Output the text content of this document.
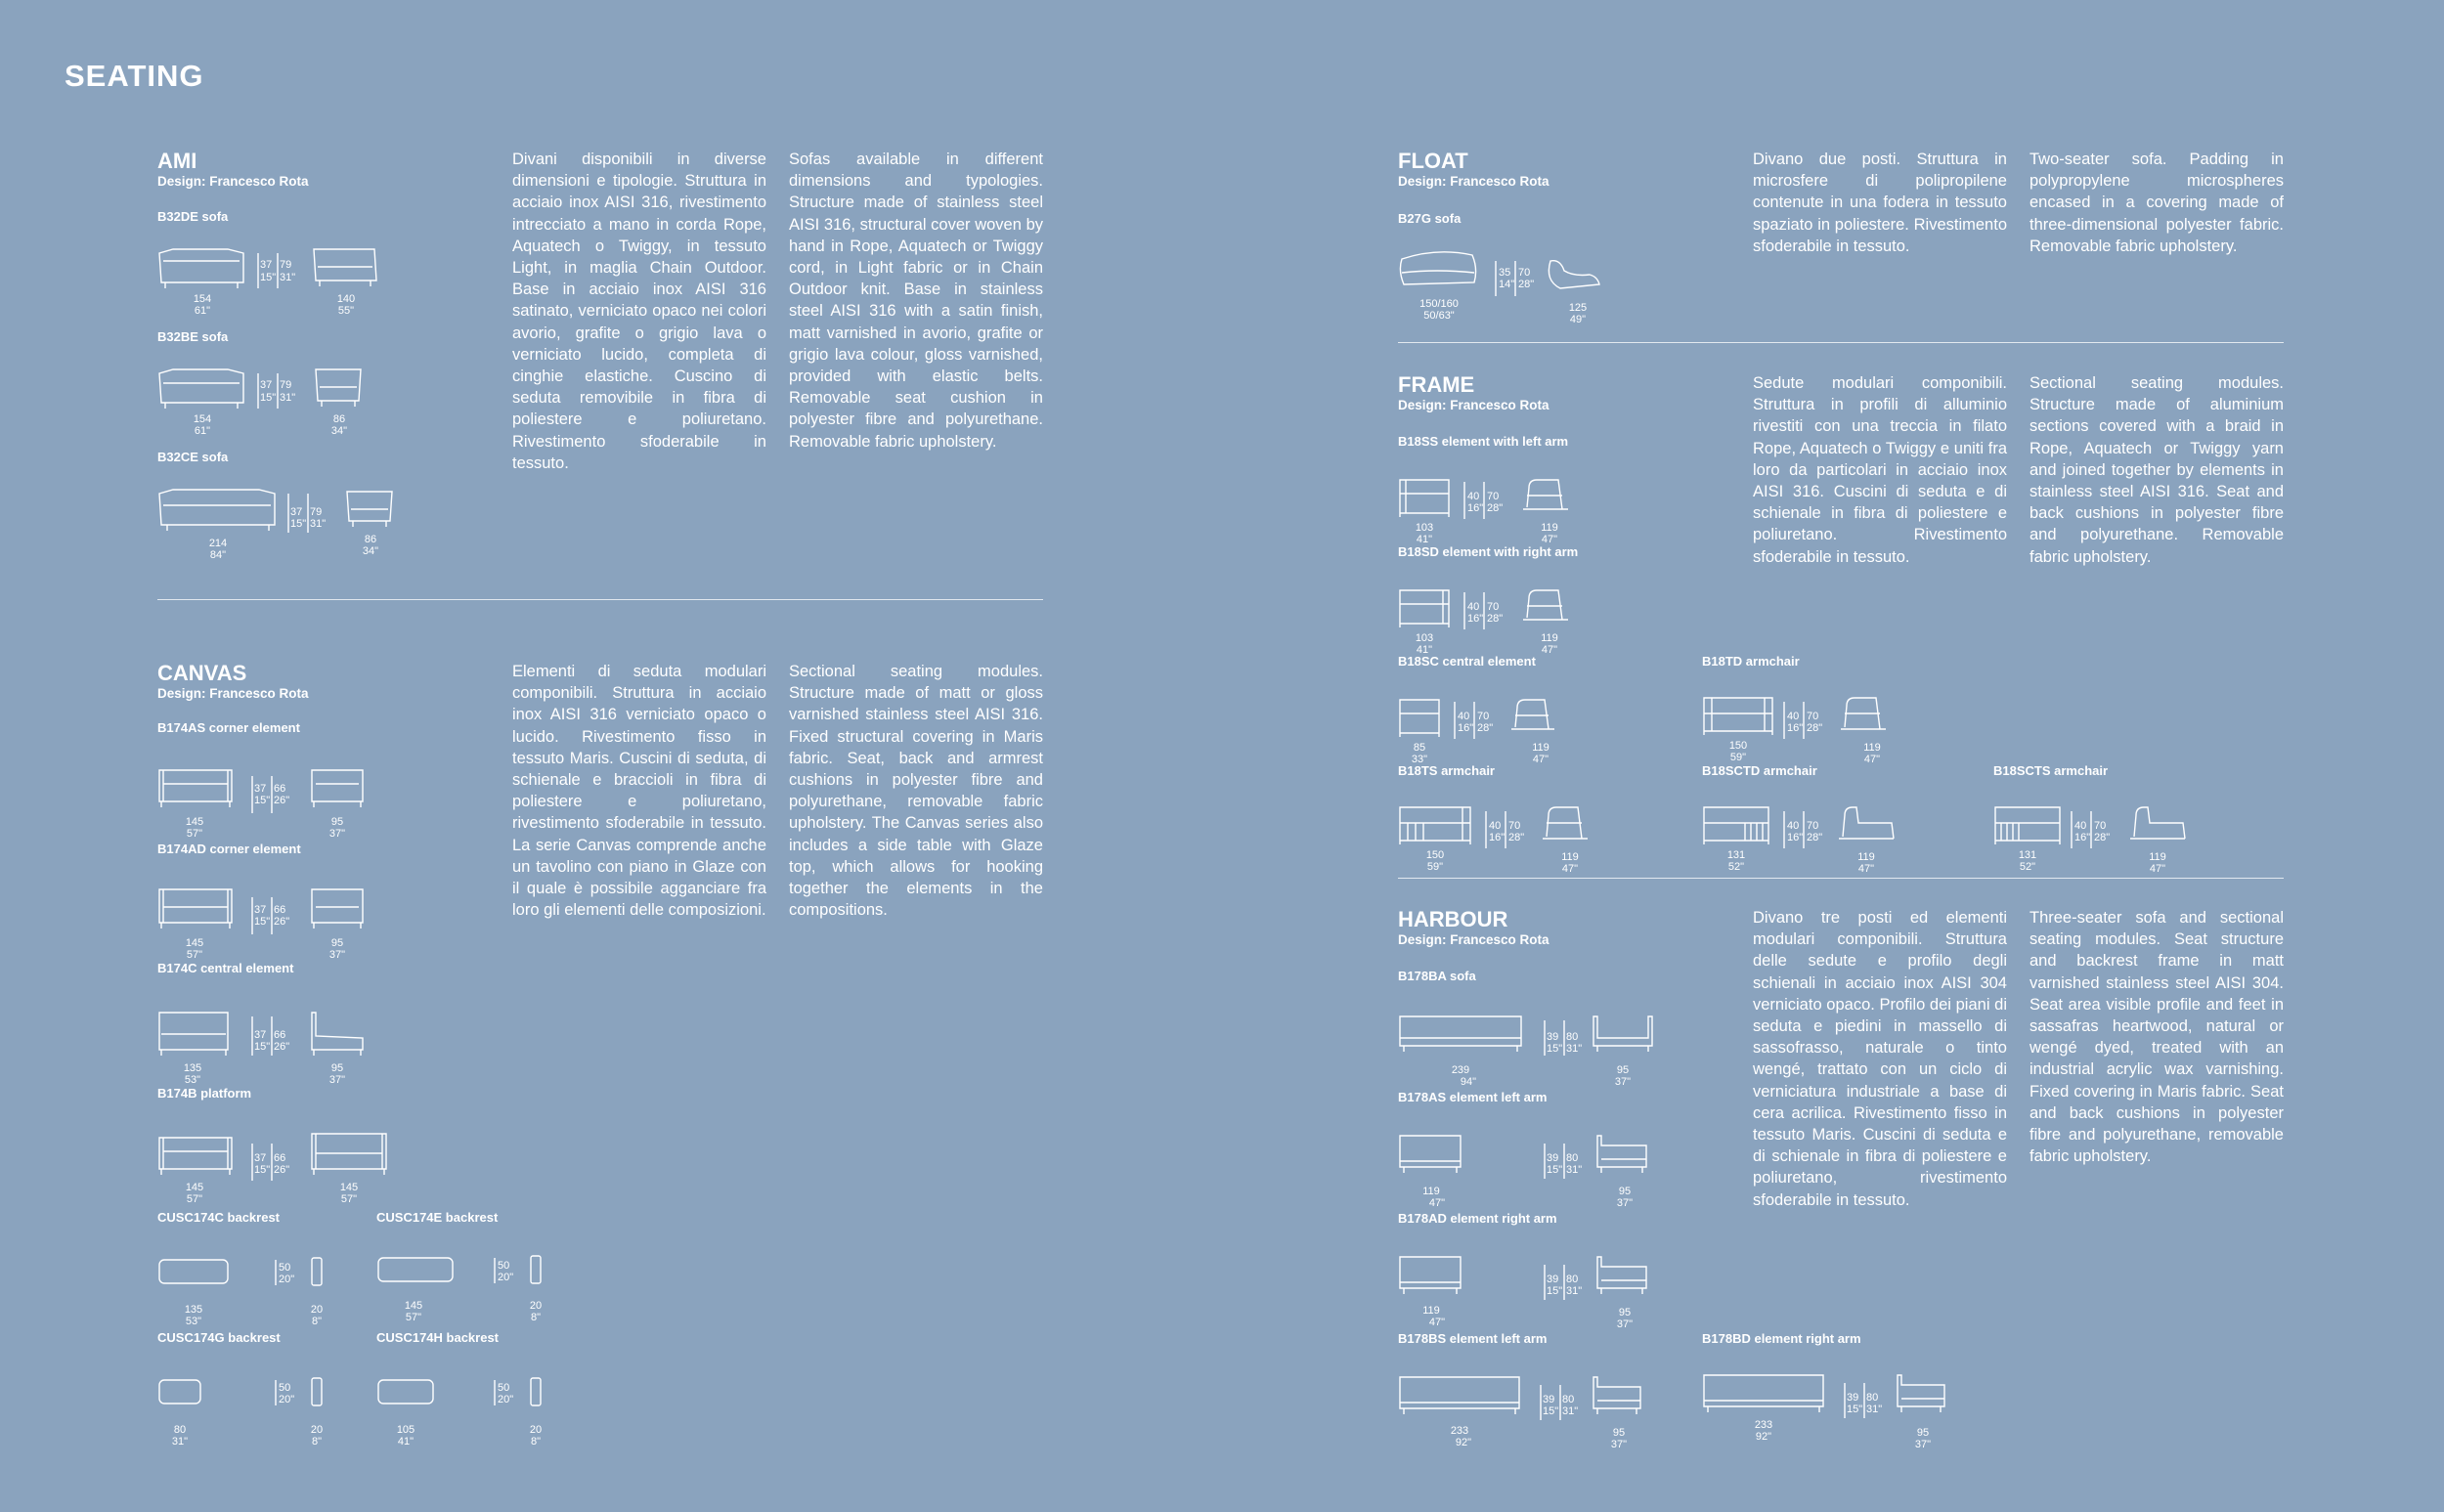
SEATING
AMI
Design: Francesco Rota
Divani disponibili in diverse dimensioni e tipologie. Struttura in acciaio inox AISI 316, rivestimento intrecciato a mano in corda Rope, Aquatech o Twiggy, in tessuto Light, in maglia Chain Outdoor. Base in acciaio inox AISI 316 satinato, verniciato opaco nei colori avorio, grafite o grigio lava o verniciato lucido, completa di cinghie elastiche. Cuscino di seduta removibile in fibra di poliestere e poliuretano. Rivestimento sfoderabile in tessuto.
Sofas available in different dimensions and typologies. Structure made of stainless steel AISI 316, structural cover woven by hand in Rope, Aquatech or Twiggy cord, in Light fabric or in Chain Outdoor knit. Base in stainless steel AISI 316 with a satin finish, matt varnished in avorio, grafite or grigio lava colour, gloss varnished, provided with elastic belts. Removable seat cushion in polyester fibre and polyurethane. Removable fabric upholstery.
B32DE sofa
37
15"
79
31"
154
61"
140
55"
B32BE sofa
37
15"
79
31"
154
61"
86
34"
B32CE sofa
37
15"
79
31"
214
84"
86
34"
CANVAS
Design: Francesco Rota
Elementi di seduta modulari componibili. Struttura in acciaio inox AISI 316 verniciato opaco o lucido. Rivestimento fisso in tessuto Maris. Cuscini di seduta, di schienale e braccioli in fibra di poliestere e poliuretano, rivestimento sfoderabile in tessuto. La serie Canvas comprende anche un tavolino con piano in Glaze con il quale è possibile agganciare fra loro gli elementi delle composizioni.
Sectional seating modules. Structure made of matt or gloss varnished stainless steel AISI 316. Fixed structural covering in Maris fabric. Seat, back and armrest cushions in polyester fibre and polyurethane, removable fabric upholstery. The Canvas series also includes a side table with Glaze top, which allows for hooking together the elements in the compositions.
B174AS corner element
37
15"
66
26"
145
57"
95
37"
B174AD corner element
37
15"
66
26"
145
57"
95
37"
B174C central element
37
15"
66
26"
135
53"
95
37"
B174B platform
37
15"
66
26"
145
57"
145
57"
CUSC174C backrest
50
20"
135
53"
20
8"
CUSC174E backrest
50
20"
145
57"
20
8"
CUSC174G backrest
50
20"
80
31"
20
8"
CUSC174H backrest
50
20"
105
41"
20
8"
FLOAT
Design: Francesco Rota
Divano due posti. Struttura in microsfere di polipropilene contenute in una fodera in tessuto spaziato in poliestere. Rivestimento sfoderabile in tessuto.
Two-seater sofa. Padding in polypropylene microspheres encased in a covering made of three-dimensional polyester fabric. Removable fabric upholstery.
B27G sofa
35
14"
70
28"
150/160
50/63"
125
49"
FRAME
Design: Francesco Rota
Sedute modulari componibili. Struttura in profili di alluminio rivestiti con una treccia in filato Rope, Aquatech o Twiggy e uniti fra loro da particolari in acciaio inox AISI 316. Cuscini di seduta e di schienale in fibra di poliestere e poliuretano. Rivestimento sfoderabile in tessuto.
Sectional seating modules. Structure made of aluminium sections covered with a braid in Rope, Aquatech or Twiggy yarn and joined together by elements in stainless steel AISI 316. Seat and back cushions in polyester fibre and polyurethane. Removable fabric upholstery.
B18SS element with left arm
40
16"
70
28"
103
41"
119
47"
B18SD element with right arm
40
16"
70
28"
103
41"
119
47"
B18SC central element
40
16"
70
28"
85
33"
119
47"
B18TD armchair
40
16"
70
28"
150
59"
119
47"
B18TS armchair
40
16"
70
28"
150
59"
119
47"
B18SCTD armchair
40
16"
70
28"
131
52"
119
47"
B18SCTS armchair
40
16"
70
28"
131
52"
119
47"
HARBOUR
Design: Francesco Rota
Divano tre posti ed elementi modulari componibili. Struttura delle sedute e profilo degli schienali in acciaio inox AISI 304 verniciato opaco. Profilo dei piani di seduta e piedini in massello di sassofrasso, naturale o tinto wengé, trattato con un ciclo di verniciatura industriale a base di cera acrilica. Rivestimento fisso in tessuto Maris. Cuscini di seduta e di schienale in fibra di poliestere e poliuretano, rivestimento sfoderabile in tessuto.
Three-seater sofa and sectional seating modules. Seat structure and backrest frame in matt varnished stainless steel AISI 304. Seat area visible profile and feet in sassafras heartwood, natural or wengé dyed, treated with an industrial acrylic wax varnishing. Fixed covering in Maris fabric. Seat and back cushions in polyester fibre and polyurethane, removable fabric upholstery.
B178BA sofa
39
15"
80
31"
239
94"
95
37"
B178AS element left arm
39
15"
80
31"
119
47"
95
37"
B178AD element right arm
39
15"
80
31"
119
47"
95
37"
B178BS element left arm
39
15"
80
31"
233
92"
95
37"
B178BD element right arm
39
15"
80
31"
233
92"	95
37"
